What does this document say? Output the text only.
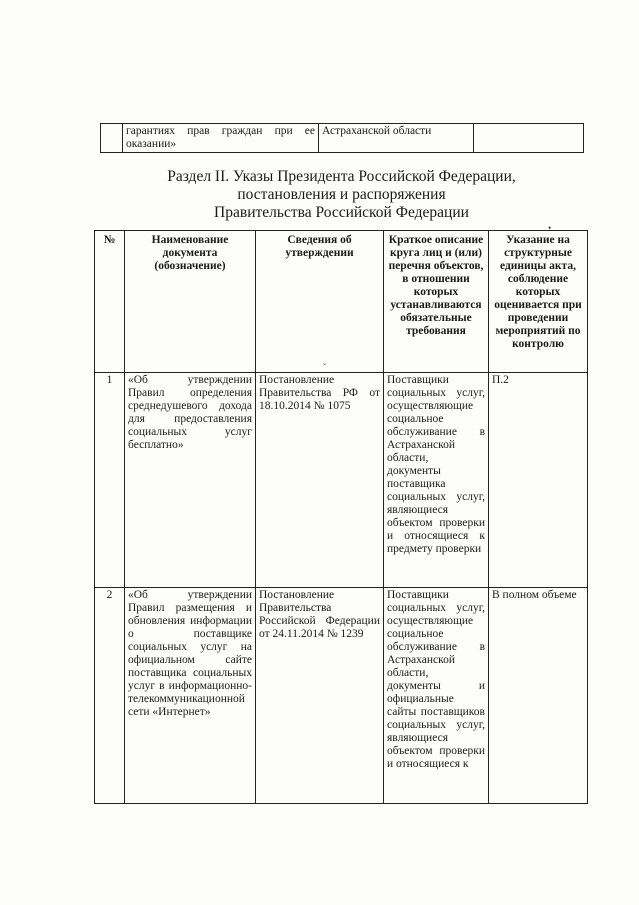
	гарантиях прав граждан при ее оказании»	Астраханской области	
Раздел II. Указы Президента Российской Федерации,
постановления и распоряжения
Правительства Российской Федерации
•
№	Наименование документа (обозначение)	Сведения об утверждении	Краткое описание круга лиц и (или) перечня объектов, в отношении которых устанавливаются обязательные требования	Указание на структурные единицы акта, соблюдение которых оценивается при проведении мероприятий по контролю
1	«Об утверждении Правил определения среднедушевого дохода для предоставления социальных услуг бесплатно»	Постановление Правительства РФ от 18.10.2014 № 1075	Поставщики социальных услуг, осуществляющие социальное обслуживание в Астраханской области, документы поставщика социальных услуг, являющиеся объектом проверки и относящиеся к предмету проверки	П.2
2	«Об утверждении Правил размещения и обновления информации о поставщике социальных услуг на официальном сайте поставщика социальных услуг в информационно-телекоммуникационной сети «Интернет»	Постановление Правительства Российской Федерации от 24.11.2014 № 1239	Поставщики социальных услуг, осуществляющие социальное обслуживание в Астраханской области, документы и официальные сайты поставщиков социальных услуг, являющиеся объектом проверки и относящиеся к	В полном объеме
ˇ
